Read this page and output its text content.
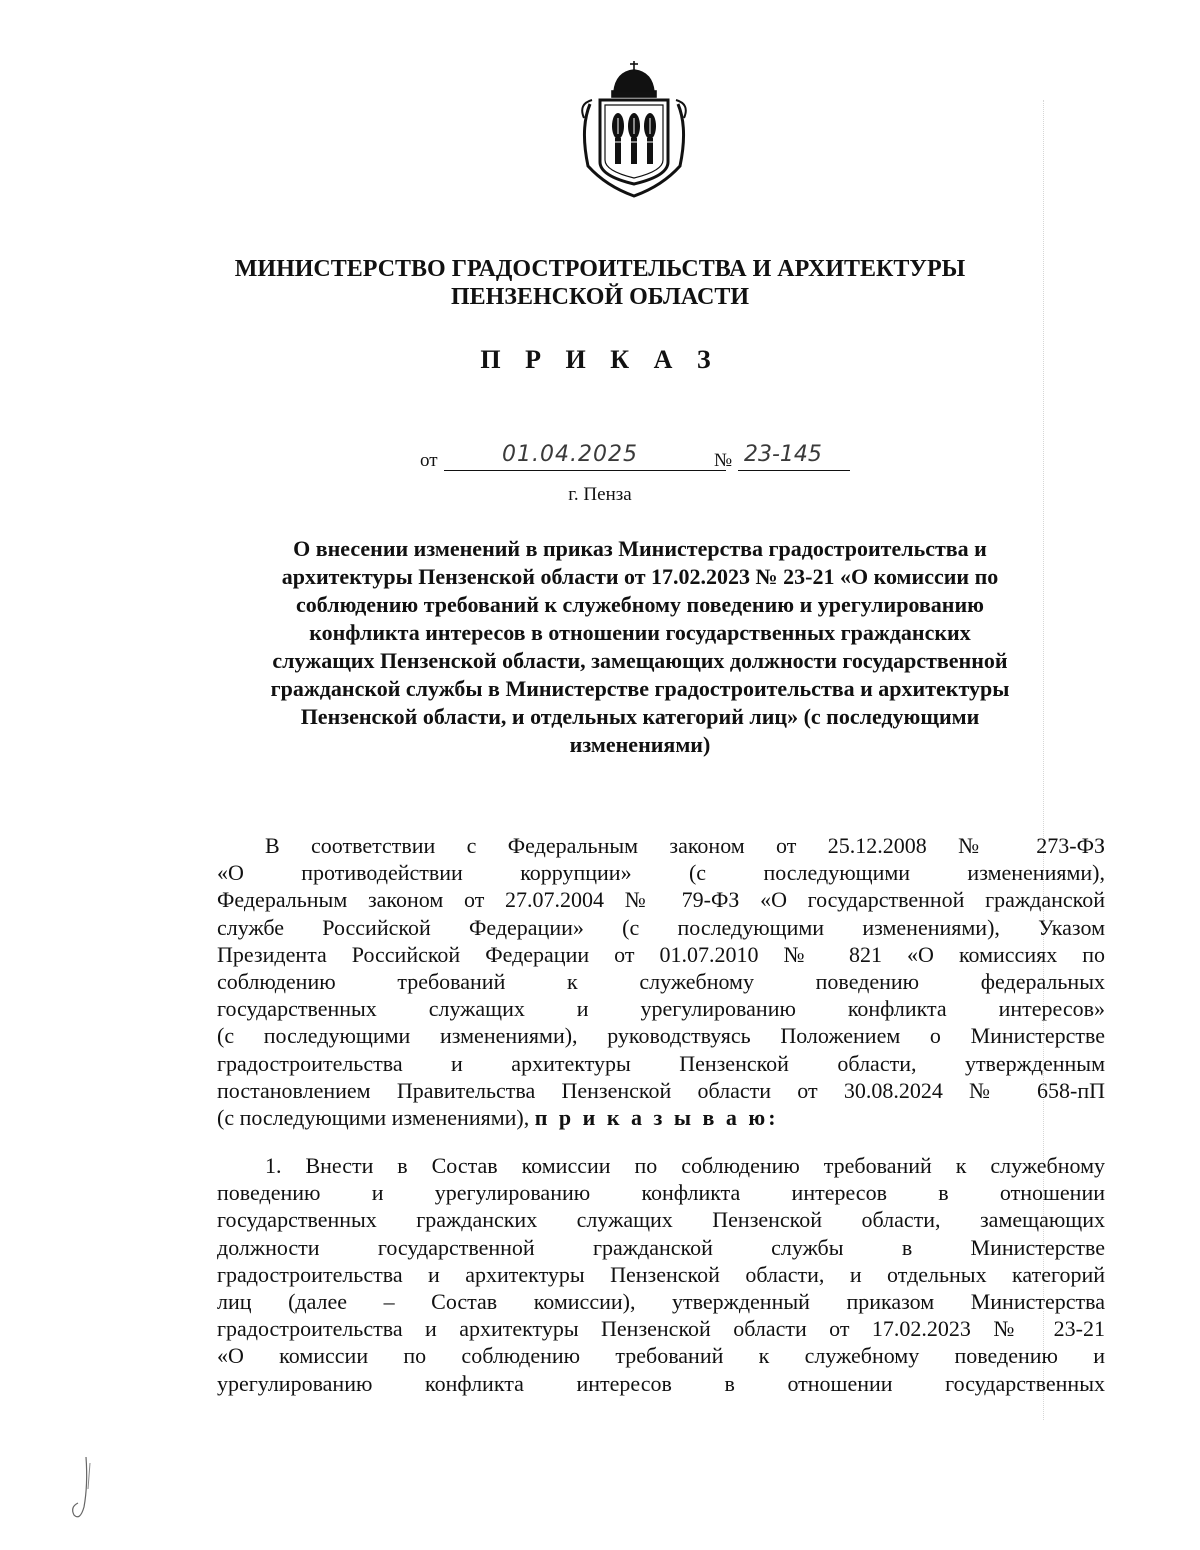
МИНИСТЕРСТВО ГРАДОСТРОИТЕЛЬСТВА И АРХИТЕКТУРЫ
ПЕНЗЕНСКОЙ ОБЛАСТИ
П Р И К А З
от	01.04.2025	№ 23-145
г. Пенза
О внесении изменений в приказ Министерства градостроительства и
архитектуры Пензенской области от 17.02.2023 № 23-21 «О комиссии по
соблюдению требований к служебному поведению и урегулированию
конфликта интересов в отношении государственных гражданских
служащих Пензенской области, замещающих должности государственной
гражданской службы в Министерстве градостроительства и архитектуры
Пензенской области, и отдельных категорий лиц» (с последующими
изменениями)
В соответствии с Федеральным законом от 25.12.2008 № 273-ФЗ
«О противодействии коррупции» (с последующими изменениями),
Федеральным законом от 27.07.2004 № 79-ФЗ «О государственной гражданской
службе Российской Федерации» (с последующими изменениями), Указом
Президента Российской Федерации от 01.07.2010 № 821 «О комиссиях по
соблюдению требований к служебному поведению федеральных
государственных служащих и урегулированию конфликта интересов»
(с последующими изменениями), руководствуясь Положением о Министерстве
градостроительства и архитектуры Пензенской области, утвержденным
постановлением Правительства Пензенской области от 30.08.2024 № 658-пП
(с последующими изменениями), п р и к а з ы в а ю:
1. Внести в Состав комиссии по соблюдению требований к служебному
поведению и урегулированию конфликта интересов в отношении
государственных гражданских служащих Пензенской области, замещающих
должности государственной гражданской службы в Министерстве
градостроительства и архитектуры Пензенской области, и отдельных категорий
лиц (далее – Состав комиссии), утвержденный приказом Министерства
градостроительства и архитектуры Пензенской области от 17.02.2023 № 23-21
«О комиссии по соблюдению требований к служебному поведению и
урегулированию конфликта интересов в отношении государственных
